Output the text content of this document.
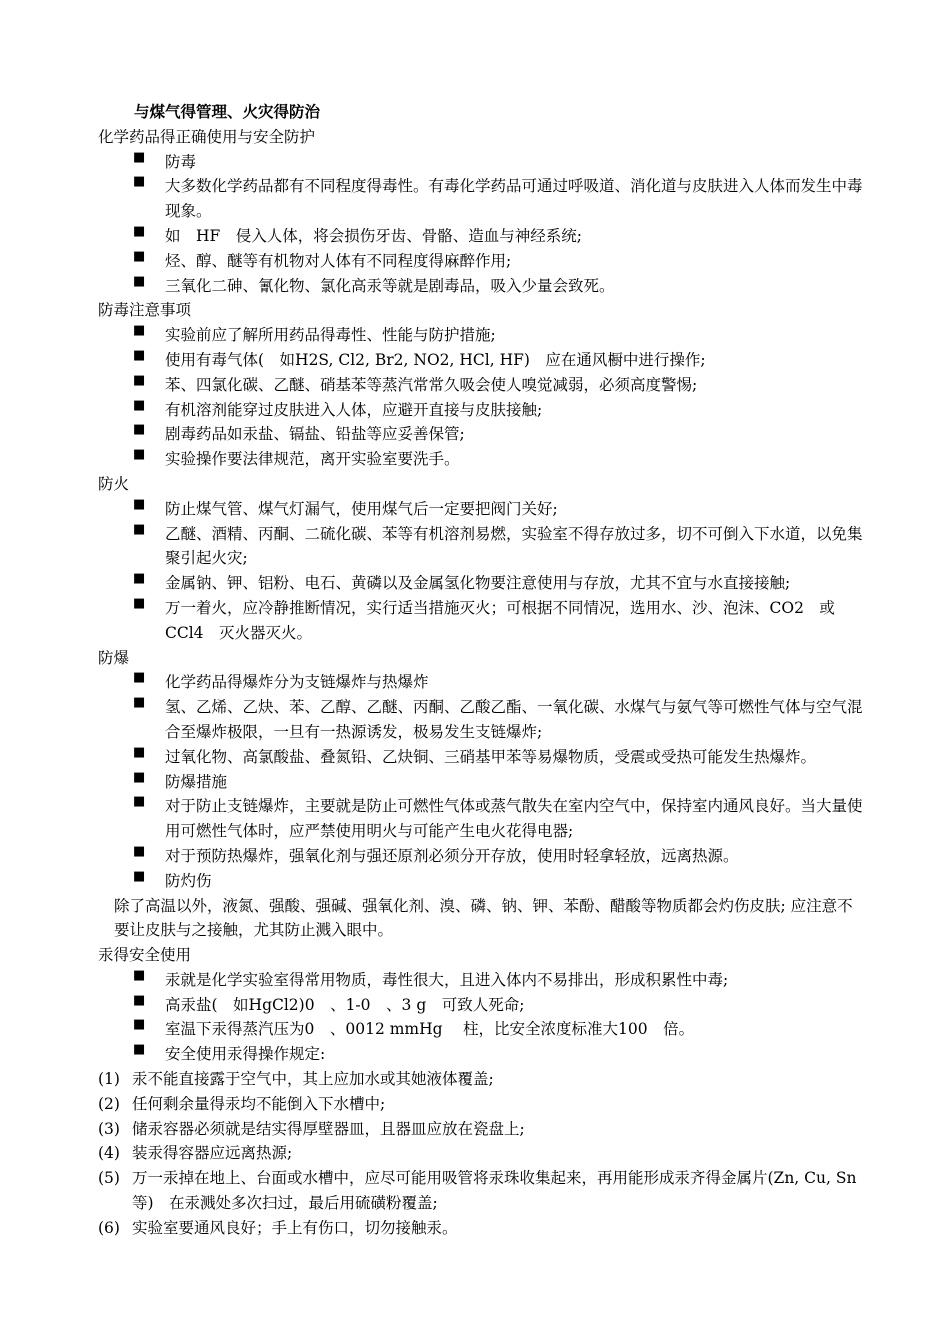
与煤气得管理、火灾得防治
化学药品得正确使用与安全防护
■	防毒
■	大多数化学药品都有不同程度得毒性。有毒化学药品可通过呼吸道、消化道与皮肤进入人体而发生中毒现象。
■	如　HF　侵入人体，将会损伤牙齿、骨骼、造血与神经系统;
■	烃、醇、醚等有机物对人体有不同程度得麻醉作用;
■	三氧化二砷、氰化物、氯化高汞等就是剧毒品，吸入少量会致死。
防毒注意事项
■	实验前应了解所用药品得毒性、性能与防护措施;
■	使用有毒气体(　如H2S, Cl2, Br2, NO2, HCl, HF)　应在通风橱中进行操作;
■	苯、四氯化碳、乙醚、硝基苯等蒸汽常常久吸会使人嗅觉减弱，必须高度警惕;
■	有机溶剂能穿过皮肤进入人体，应避开直接与皮肤接触;
■	剧毒药品如汞盐、镉盐、铅盐等应妥善保管;
■	实验操作要法律规范，离开实验室要洗手。
防火
■	防止煤气管、煤气灯漏气，使用煤气后一定要把阀门关好;
■	乙醚、酒精、丙酮、二硫化碳、苯等有机溶剂易燃，实验室不得存放过多，切不可倒入下水道，以免集聚引起火灾;
■	金属钠、钾、铝粉、电石、黄磷以及金属氢化物要注意使用与存放，尤其不宜与水直接接触;
■	万一着火，应冷静推断情况，实行适当措施灭火；可根据不同情况，选用水、沙、泡沫、CO2　或　CCl4　灭火器灭火。
防爆
■	化学药品得爆炸分为支链爆炸与热爆炸
■	氢、乙烯、乙炔、苯、乙醇、乙醚、丙酮、乙酸乙酯、一氧化碳、水煤气与氨气等可燃性气体与空气混合至爆炸极限，一旦有一热源诱发，极易发生支链爆炸;
■	过氧化物、高氯酸盐、叠氮铅、乙炔铜、三硝基甲苯等易爆物质，受震或受热可能发生热爆炸。
■	防爆措施
■	对于防止支链爆炸，主要就是防止可燃性气体或蒸气散失在室内空气中，保持室内通风良好。当大量使用可燃性气体时，应严禁使用明火与可能产生电火花得电器;
■	对于预防热爆炸，强氧化剂与强还原剂必须分开存放，使用时轻拿轻放，远离热源。
■	防灼伤
除了高温以外，液氮、强酸、强碱、强氧化剂、溴、磷、钠、钾、苯酚、醋酸等物质都会灼伤皮肤; 应注意不要让皮肤与之接触，尤其防止溅入眼中。
汞得安全使用
■	汞就是化学实验室得常用物质，毒性很大，且进入体内不易排出，形成积累性中毒;
■	高汞盐(　如HgCl2)0　、1-0　、3 g　可致人死命;
■	室温下汞得蒸汽压为0　、0012 mmHg　 柱，比安全浓度标准大100　倍。
■	安全使用汞得操作规定:
(1) 汞不能直接露于空气中，其上应加水或其她液体覆盖;
(2) 任何剩余量得汞均不能倒入下水槽中;
(3) 储汞容器必须就是结实得厚壁器皿，且器皿应放在瓷盘上;
(4) 装汞得容器应远离热源;
(5) 万一汞掉在地上、台面或水槽中，应尽可能用吸管将汞珠收集起来，再用能形成汞齐得金属片(Zn, Cu, Sn 等)　在汞溅处多次扫过，最后用硫磺粉覆盖;
(6) 实验室要通风良好；手上有伤口，切勿接触汞。
